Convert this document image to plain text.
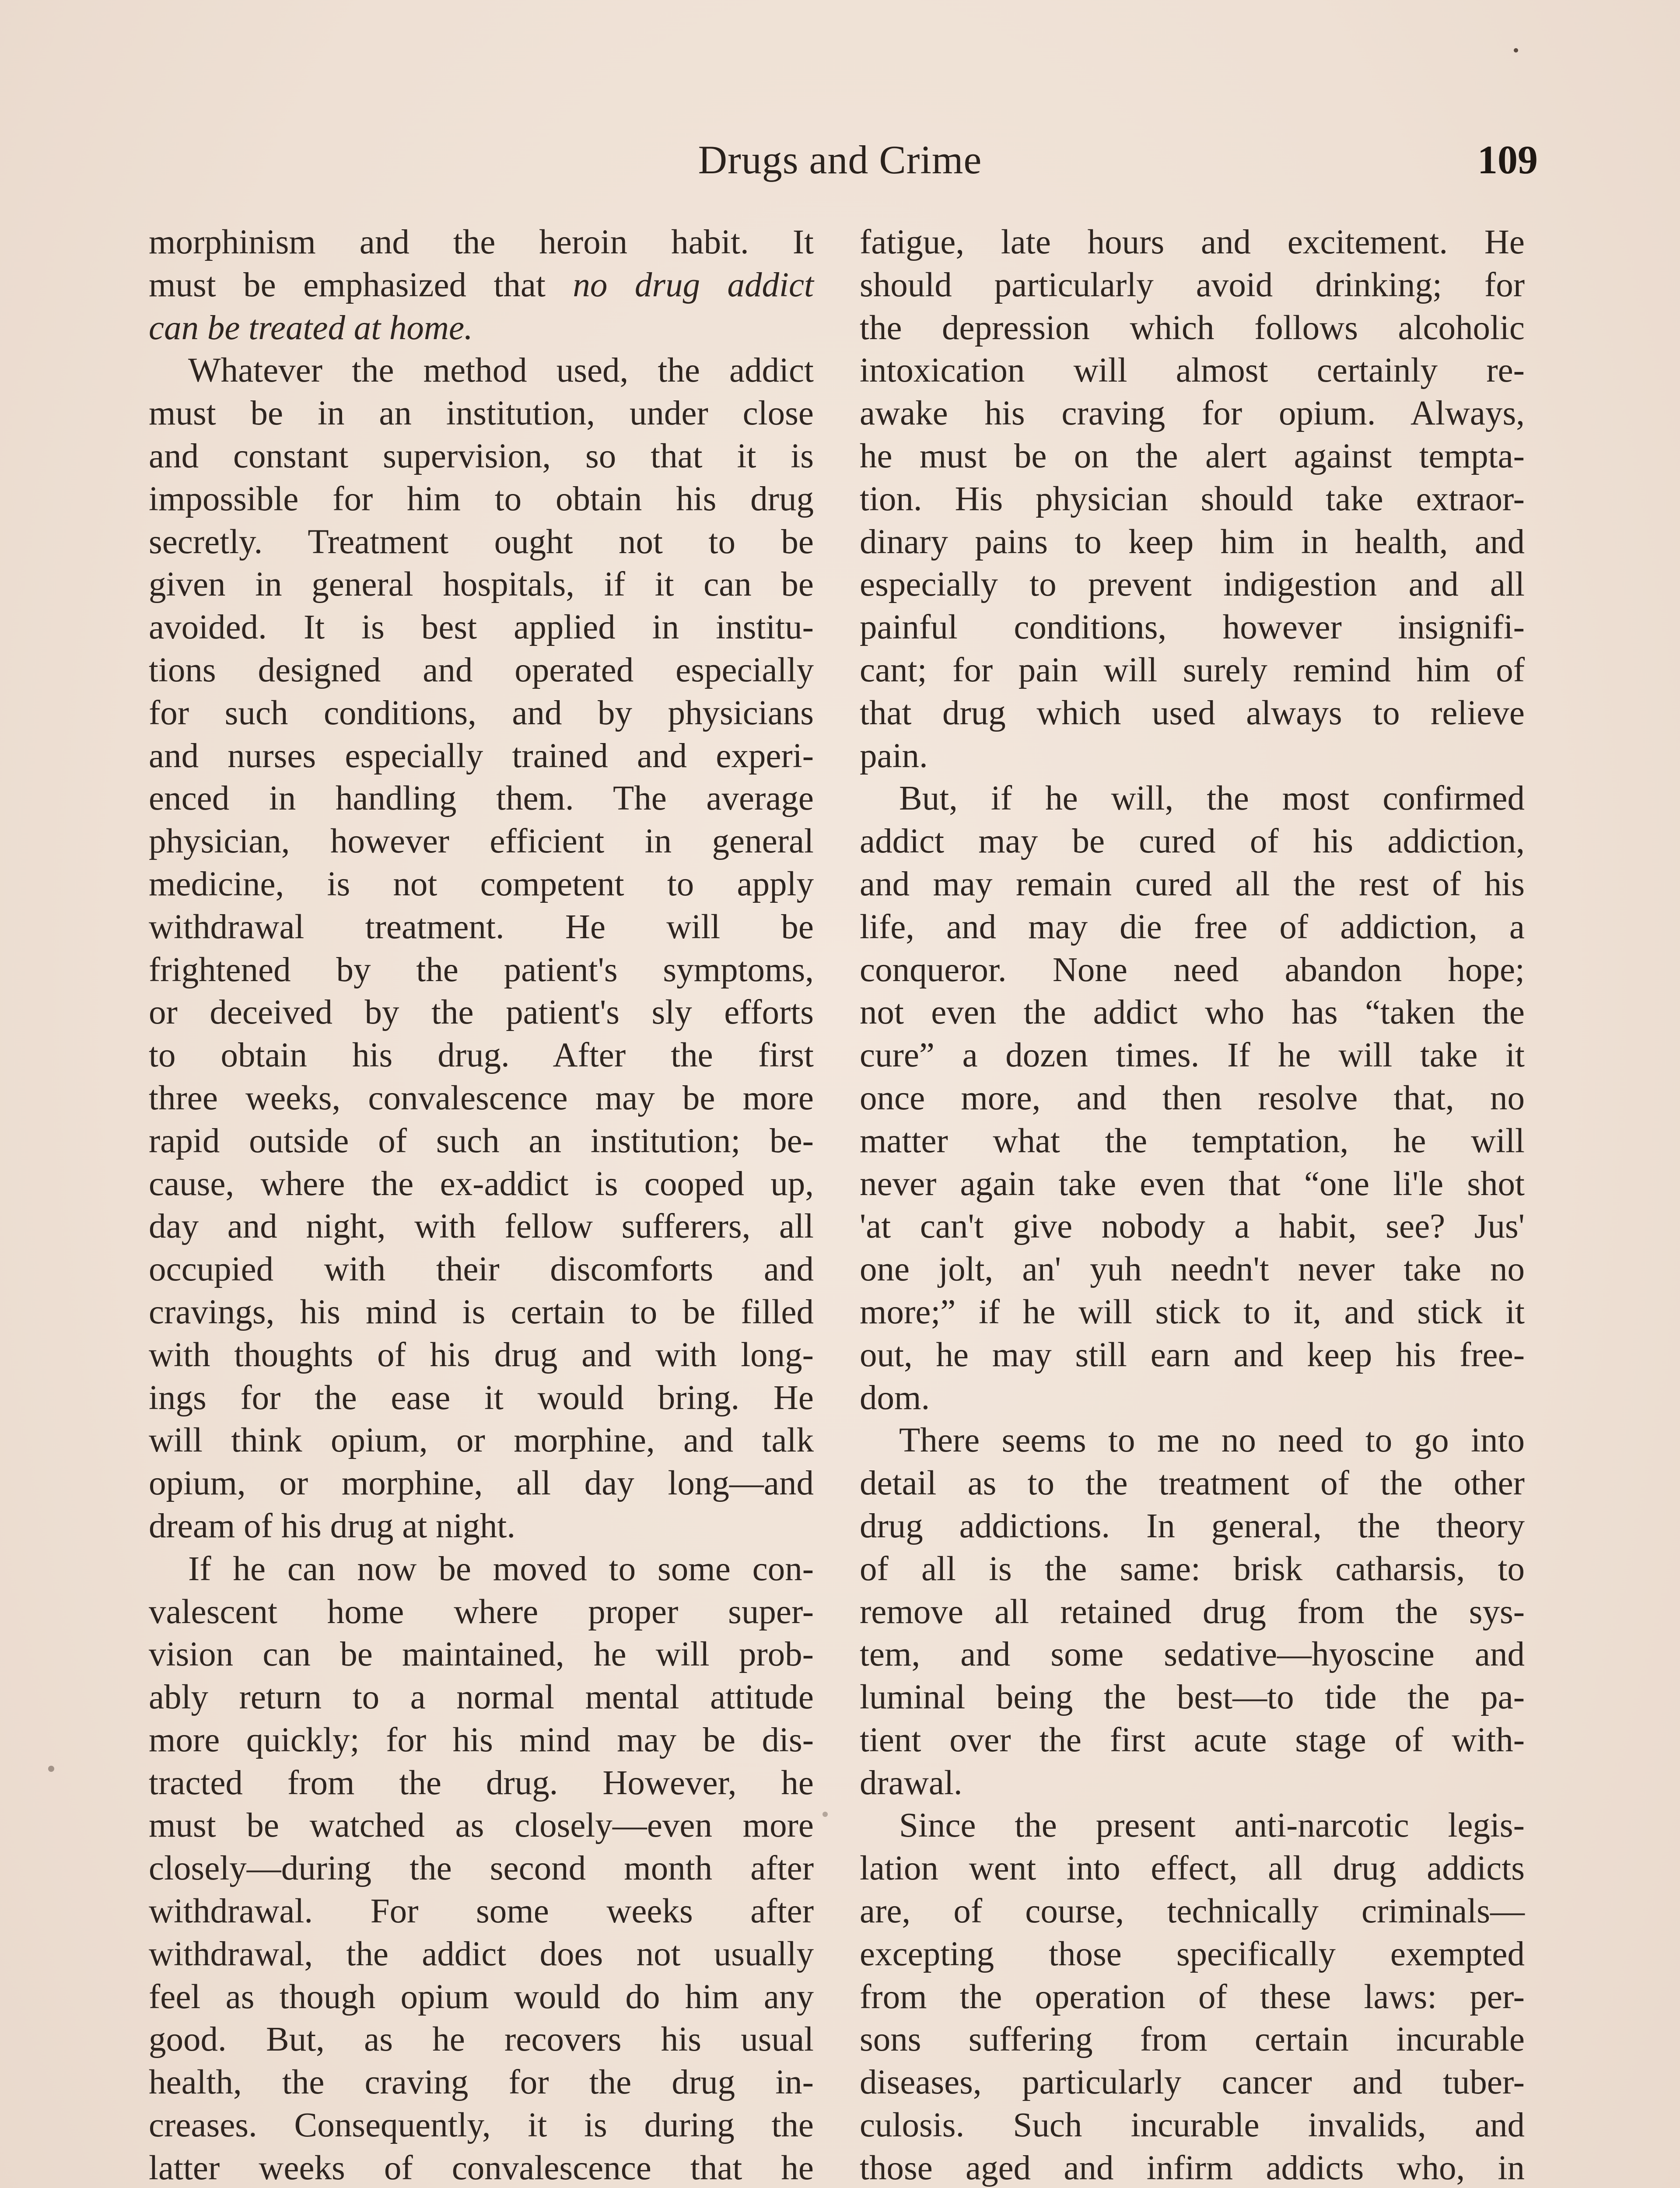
Drugs and Crime	109
morphinism and the heroin habit. It
must be emphasized that no drug addict
can be treated at home.
Whatever the method used, the addict
must be in an institution, under close
and constant supervision, so that it is
impossible for him to obtain his drug
secretly. Treatment ought not to be
given in general hospitals, if it can be
avoided. It is best applied in institu-
tions designed and operated especially
for such conditions, and by physicians
and nurses especially trained and experi-
enced in handling them. The average
physician, however efficient in general
medicine, is not competent to apply
withdrawal treatment. He will be
frightened by the patient's symptoms,
or deceived by the patient's sly efforts
to obtain his drug. After the first
three weeks, convalescence may be more
rapid outside of such an institution; be-
cause, where the ex-addict is cooped up,
day and night, with fellow sufferers, all
occupied with their discomforts and
cravings, his mind is certain to be filled
with thoughts of his drug and with long-
ings for the ease it would bring. He
will think opium, or morphine, and talk
opium, or morphine, all day long—and
dream of his drug at night.
If he can now be moved to some con-
valescent home where proper super-
vision can be maintained, he will prob-
ably return to a normal mental attitude
more quickly; for his mind may be dis-
tracted from the drug. However, he
must be watched as closely—even more
closely—during the second month after
withdrawal. For some weeks after
withdrawal, the addict does not usually
feel as though opium would do him any
good. But, as he recovers his usual
health, the craving for the drug in-
creases. Consequently, it is during the
latter weeks of convalescence that he
fatigue, late hours and excitement. He
should particularly avoid drinking; for
the depression which follows alcoholic
intoxication will almost certainly re-
awake his craving for opium. Always,
he must be on the alert against tempta-
tion. His physician should take extraor-
dinary pains to keep him in health, and
especially to prevent indigestion and all
painful conditions, however insignifi-
cant; for pain will surely remind him of
that drug which used always to relieve
pain.
But, if he will, the most confirmed
addict may be cured of his addiction,
and may remain cured all the rest of his
life, and may die free of addiction, a
conqueror. None need abandon hope;
not even the addict who has “taken the
cure” a dozen times. If he will take it
once more, and then resolve that, no
matter what the temptation, he will
never again take even that “one li'le shot
'at can't give nobody a habit, see? Jus'
one jolt, an' yuh needn't never take no
more;” if he will stick to it, and stick it
out, he may still earn and keep his free-
dom.
There seems to me no need to go into
detail as to the treatment of the other
drug addictions. In general, the theory
of all is the same: brisk catharsis, to
remove all retained drug from the sys-
tem, and some sedative—hyoscine and
luminal being the best—to tide the pa-
tient over the first acute stage of with-
drawal.
Since the present anti-narcotic legis-
lation went into effect, all drug addicts
are, of course, technically criminals—
excepting those specifically exempted
from the operation of these laws: per-
sons suffering from certain incurable
diseases, particularly cancer and tuber-
culosis. Such incurable invalids, and
those aged and infirm addicts who, in
